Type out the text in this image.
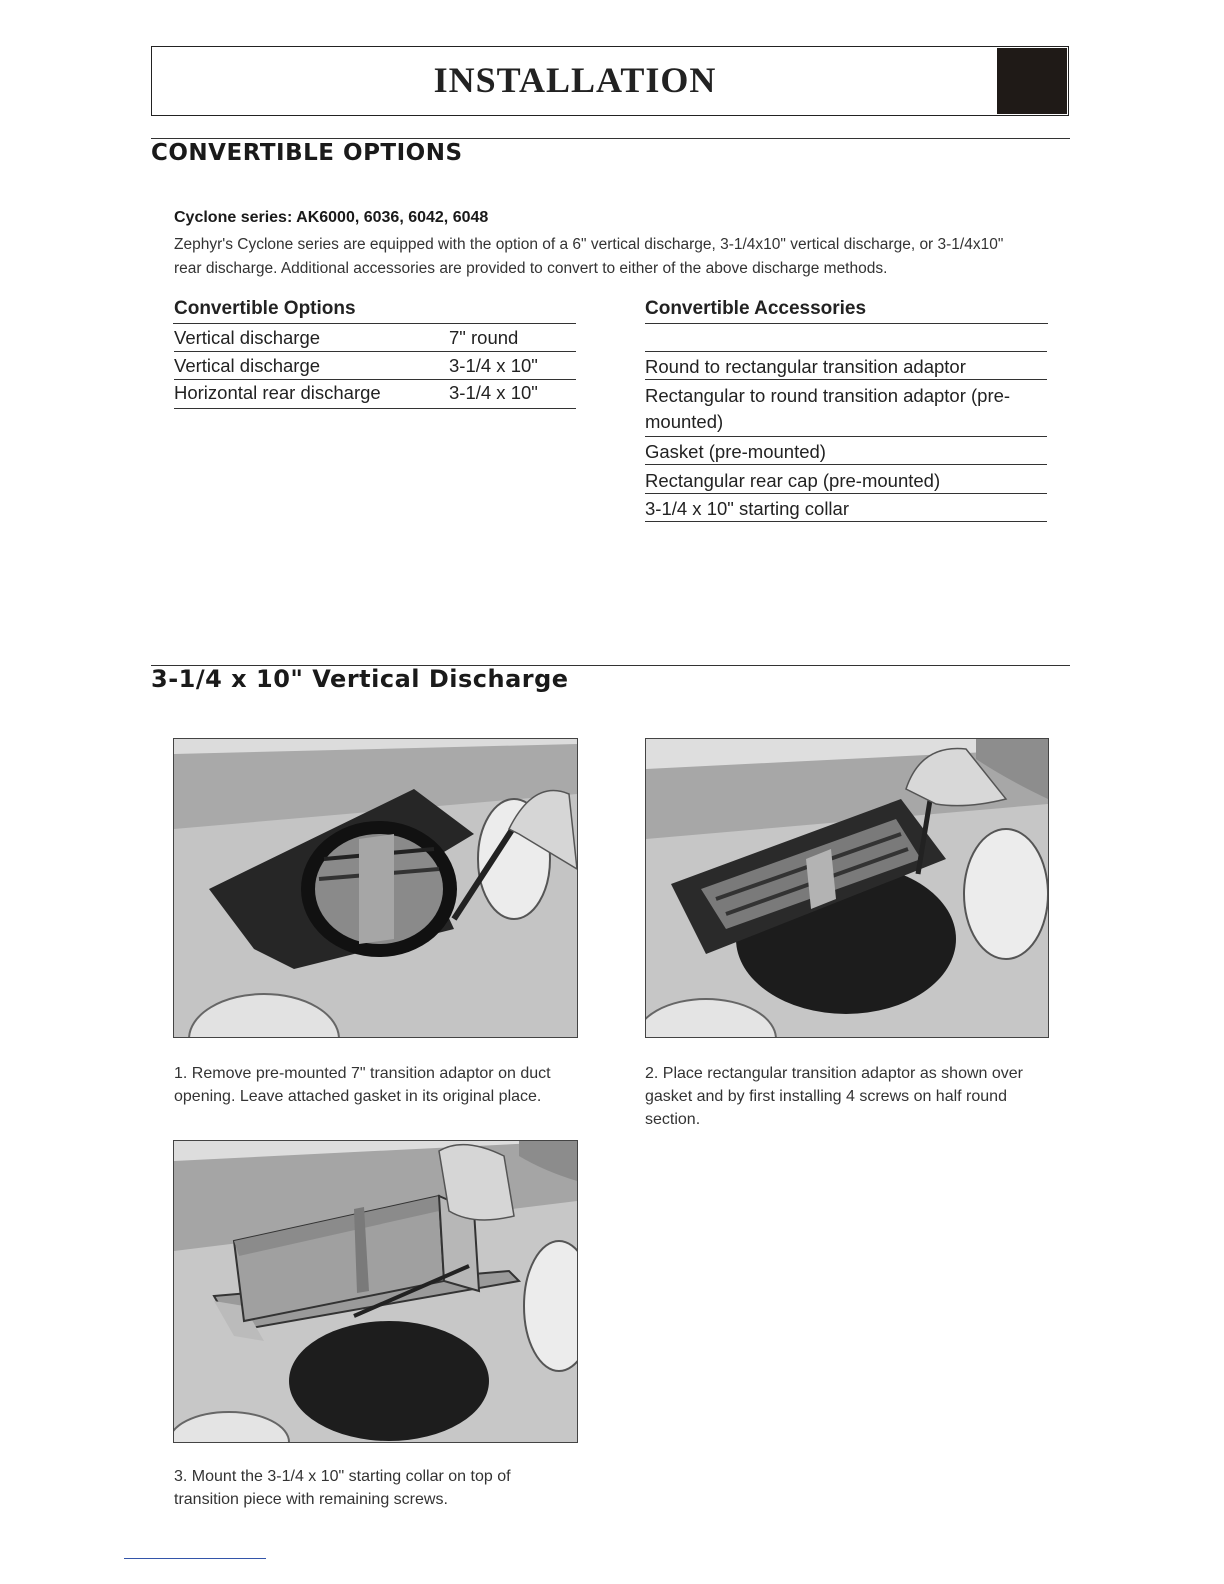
INSTALLATION
CONVERTIBLE OPTIONS
Cyclone series: AK6000, 6036, 6042, 6048
Zephyr's Cyclone series are equipped with the option of a 6" vertical discharge, 3-1/4x10" vertical discharge, or 3-1/4x10" rear discharge. Additional accessories are provided to convert to either of the above discharge methods.
Convertible Options
Vertical discharge	7" round
Vertical discharge	3-1/4 x 10"
Horizontal rear discharge	3-1/4 x 10"
Convertible Accessories
Round to rectangular transition adaptor
Rectangular to round transition adaptor (pre-mounted)
Gasket (pre-mounted)
Rectangular rear cap (pre-mounted)
3-1/4 x 10" starting collar
3-1/4 x 10" Vertical Discharge
1. Remove pre-mounted 7" transition adaptor on duct opening. Leave attached gasket in its original place.
2. Place rectangular transition adaptor as shown over gasket and by first installing 4 screws on half round section.
3. Mount the 3-1/4 x 10" starting collar on top of transition piece with remaining screws.
